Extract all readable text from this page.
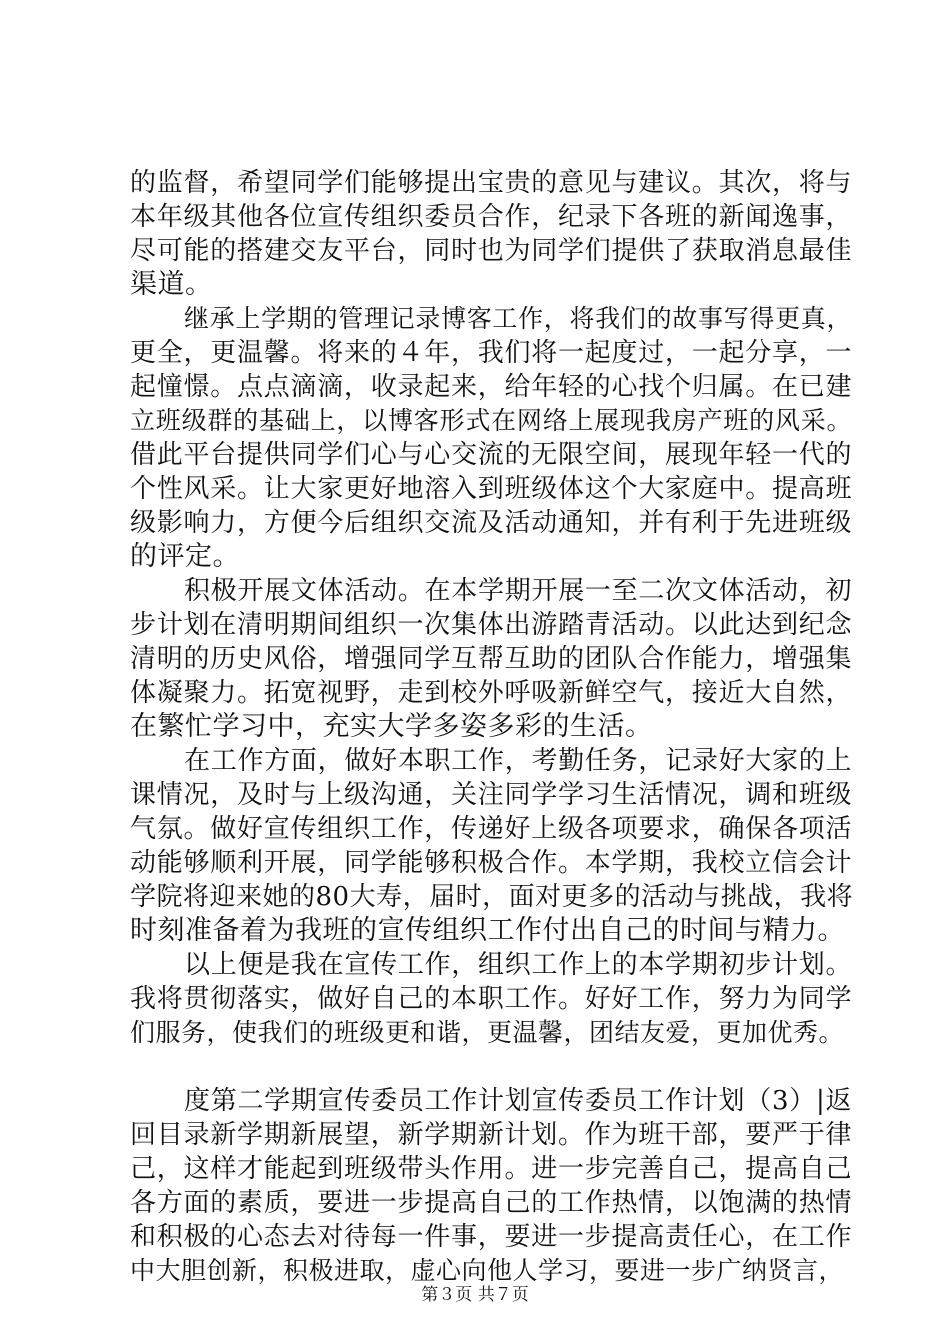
的监督，希望同学们能够提出宝贵的意见与建议。其次，将与
本年级其他各位宣传组织委员合作，纪录下各班的新闻逸事，
尽可能的搭建交友平台，同时也为同学们提供了获取消息最佳
渠道。
继承上学期的管理记录博客工作，将我们的故事写得更真，
更全，更温馨。将来的４年，我们将一起度过，一起分享，一
起憧憬。点点滴滴，收录起来，给年轻的心找个归属。在已建
立班级群的基础上，以博客形式在网络上展现我房产班的风采。
借此平台提供同学们心与心交流的无限空间，展现年轻一代的
个性风采。让大家更好地溶入到班级体这个大家庭中。提高班
级影响力，方便今后组织交流及活动通知，并有利于先进班级
的评定。
积极开展文体活动。在本学期开展一至二次文体活动，初
步计划在清明期间组织一次集体出游踏青活动。以此达到纪念
清明的历史风俗，增强同学互帮互助的团队合作能力，增强集
体凝聚力。拓宽视野，走到校外呼吸新鲜空气，接近大自然，
在繁忙学习中，充实大学多姿多彩的生活。
在工作方面，做好本职工作，考勤任务，记录好大家的上
课情况，及时与上级沟通，关注同学学习生活情况，调和班级
气氛。做好宣传组织工作，传递好上级各项要求，确保各项活
动能够顺利开展，同学能够积极合作。本学期，我校立信会计
学院将迎来她的80大寿，届时，面对更多的活动与挑战，我将
时刻准备着为我班的宣传组织工作付出自己的时间与精力。
以上便是我在宣传工作，组织工作上的本学期初步计划。
我将贯彻落实，做好自己的本职工作。好好工作，努力为同学
们服务，使我们的班级更和谐，更温馨，团结友爱，更加优秀。
度第二学期宣传委员工作计划宣传委员工作计划（3）|返
回目录新学期新展望，新学期新计划。作为班干部，要严于律
己，这样才能起到班级带头作用。进一步完善自己，提高自己
各方面的素质，要进一步提高自己的工作热情，以饱满的热情
和积极的心态去对待每一件事，要进一步提高责任心，在工作
中大胆创新，积极进取，虚心向他人学习，要进一步广纳贤言，
第３页 共７页
